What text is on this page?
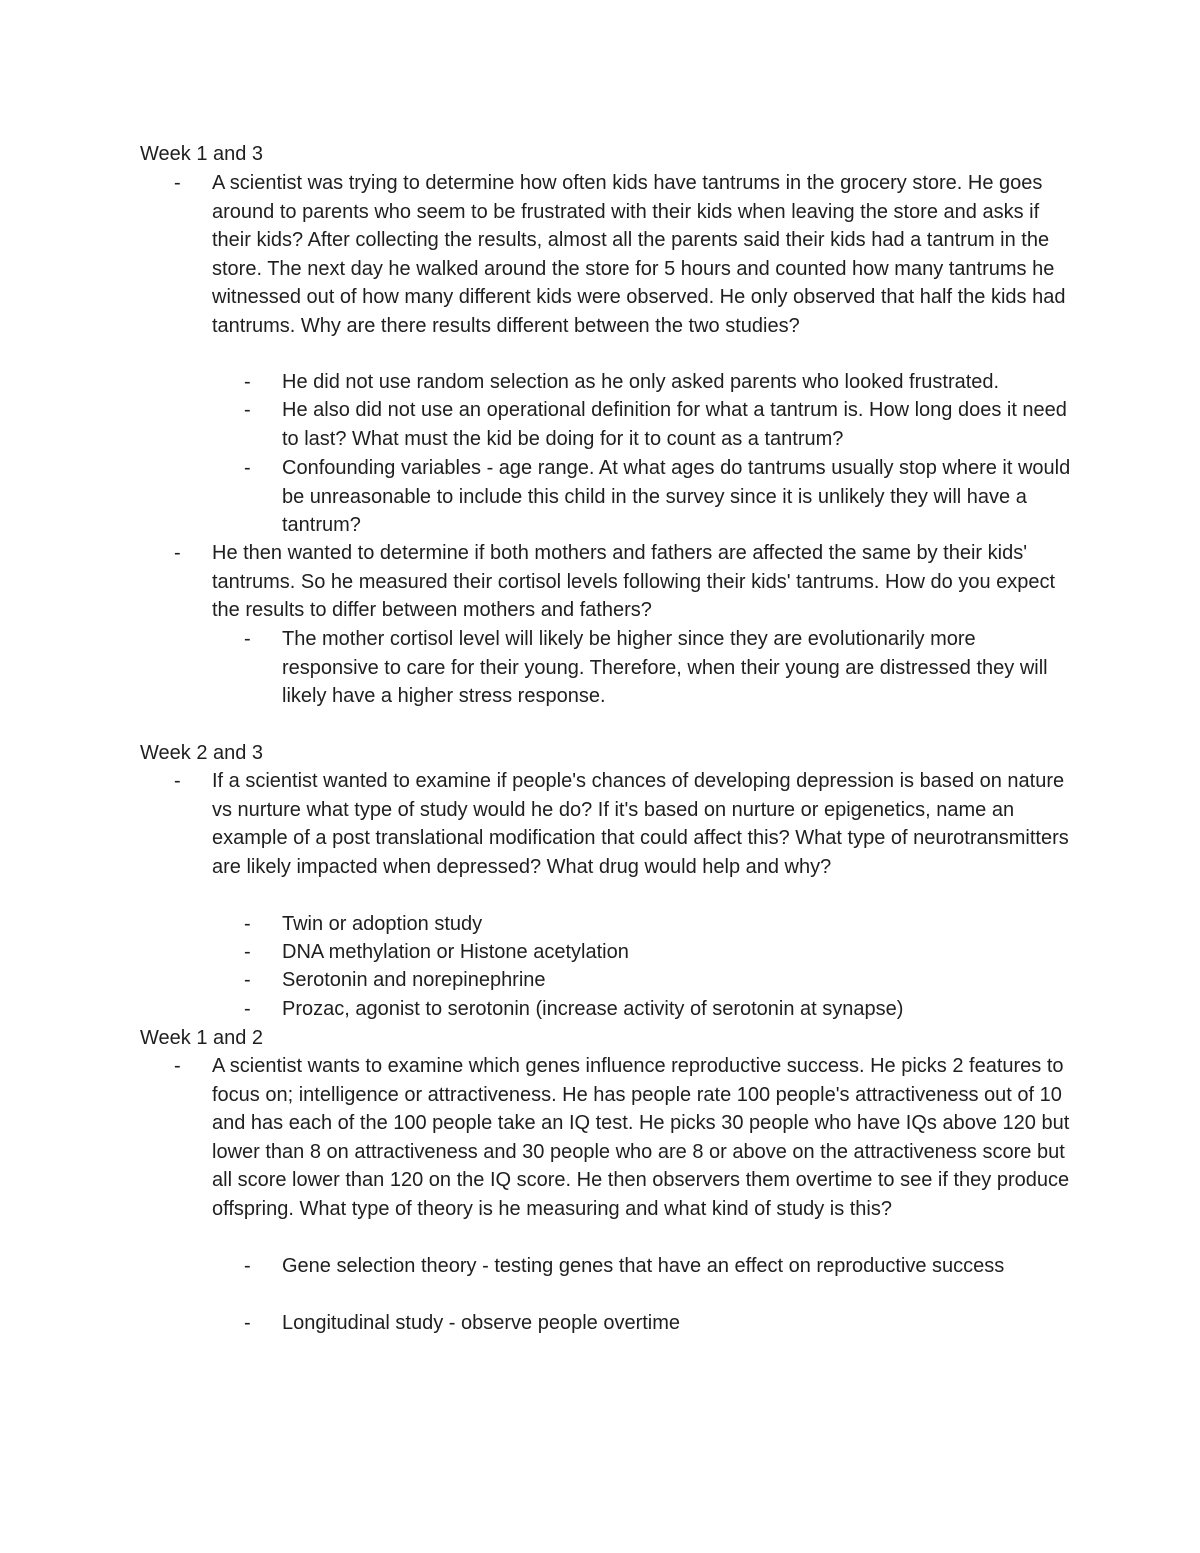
Week 1 and 3
- A scientist was trying to determine how often kids have tantrums in the grocery store. He goes around to parents who seem to be frustrated with their kids when leaving the store and asks if their kids? After collecting the results, almost all the parents said their kids had a tantrum in the store. The next day he walked around the store for 5 hours and counted how many tantrums he witnessed out of how many different kids were observed. He only observed that half the kids had tantrums. Why are there results different between the two studies?
- He did not use random selection as he only asked parents who looked frustrated.
- He also did not use an operational definition for what a tantrum is. How long does it need to last? What must the kid be doing for it to count as a tantrum?
- Confounding variables - age range. At what ages do tantrums usually stop where it would be unreasonable to include this child in the survey since it is unlikely they will have a tantrum?
- He then wanted to determine if both mothers and fathers are affected the same by their kids' tantrums. So he measured their cortisol levels following their kids' tantrums. How do you expect the results to differ between mothers and fathers?
- The mother cortisol level will likely be higher since they are evolutionarily more responsive to care for their young. Therefore, when their young are distressed they will likely have a higher stress response.
Week 2 and 3
- If a scientist wanted to examine if people's chances of developing depression is based on nature vs nurture what type of study would he do? If it's based on nurture or epigenetics, name an example of a post translational modification that could affect this? What type of neurotransmitters are likely impacted when depressed? What drug would help and why?
- Twin or adoption study
- DNA methylation or Histone acetylation
- Serotonin and norepinephrine
- Prozac, agonist to serotonin (increase activity of serotonin at synapse)
Week 1 and 2
- A scientist wants to examine which genes influence reproductive success. He picks 2 features to focus on; intelligence or attractiveness. He has people rate 100 people's attractiveness out of 10 and has each of the 100 people take an IQ test. He picks 30 people who have IQs above 120 but lower than 8 on attractiveness and 30 people who are 8 or above on the attractiveness score but all score lower than 120 on the IQ score. He then observers them overtime to see if they produce offspring. What type of theory is he measuring and what kind of study is this?
- Gene selection theory - testing genes that have an effect on reproductive success
- Longitudinal study - observe people overtime
